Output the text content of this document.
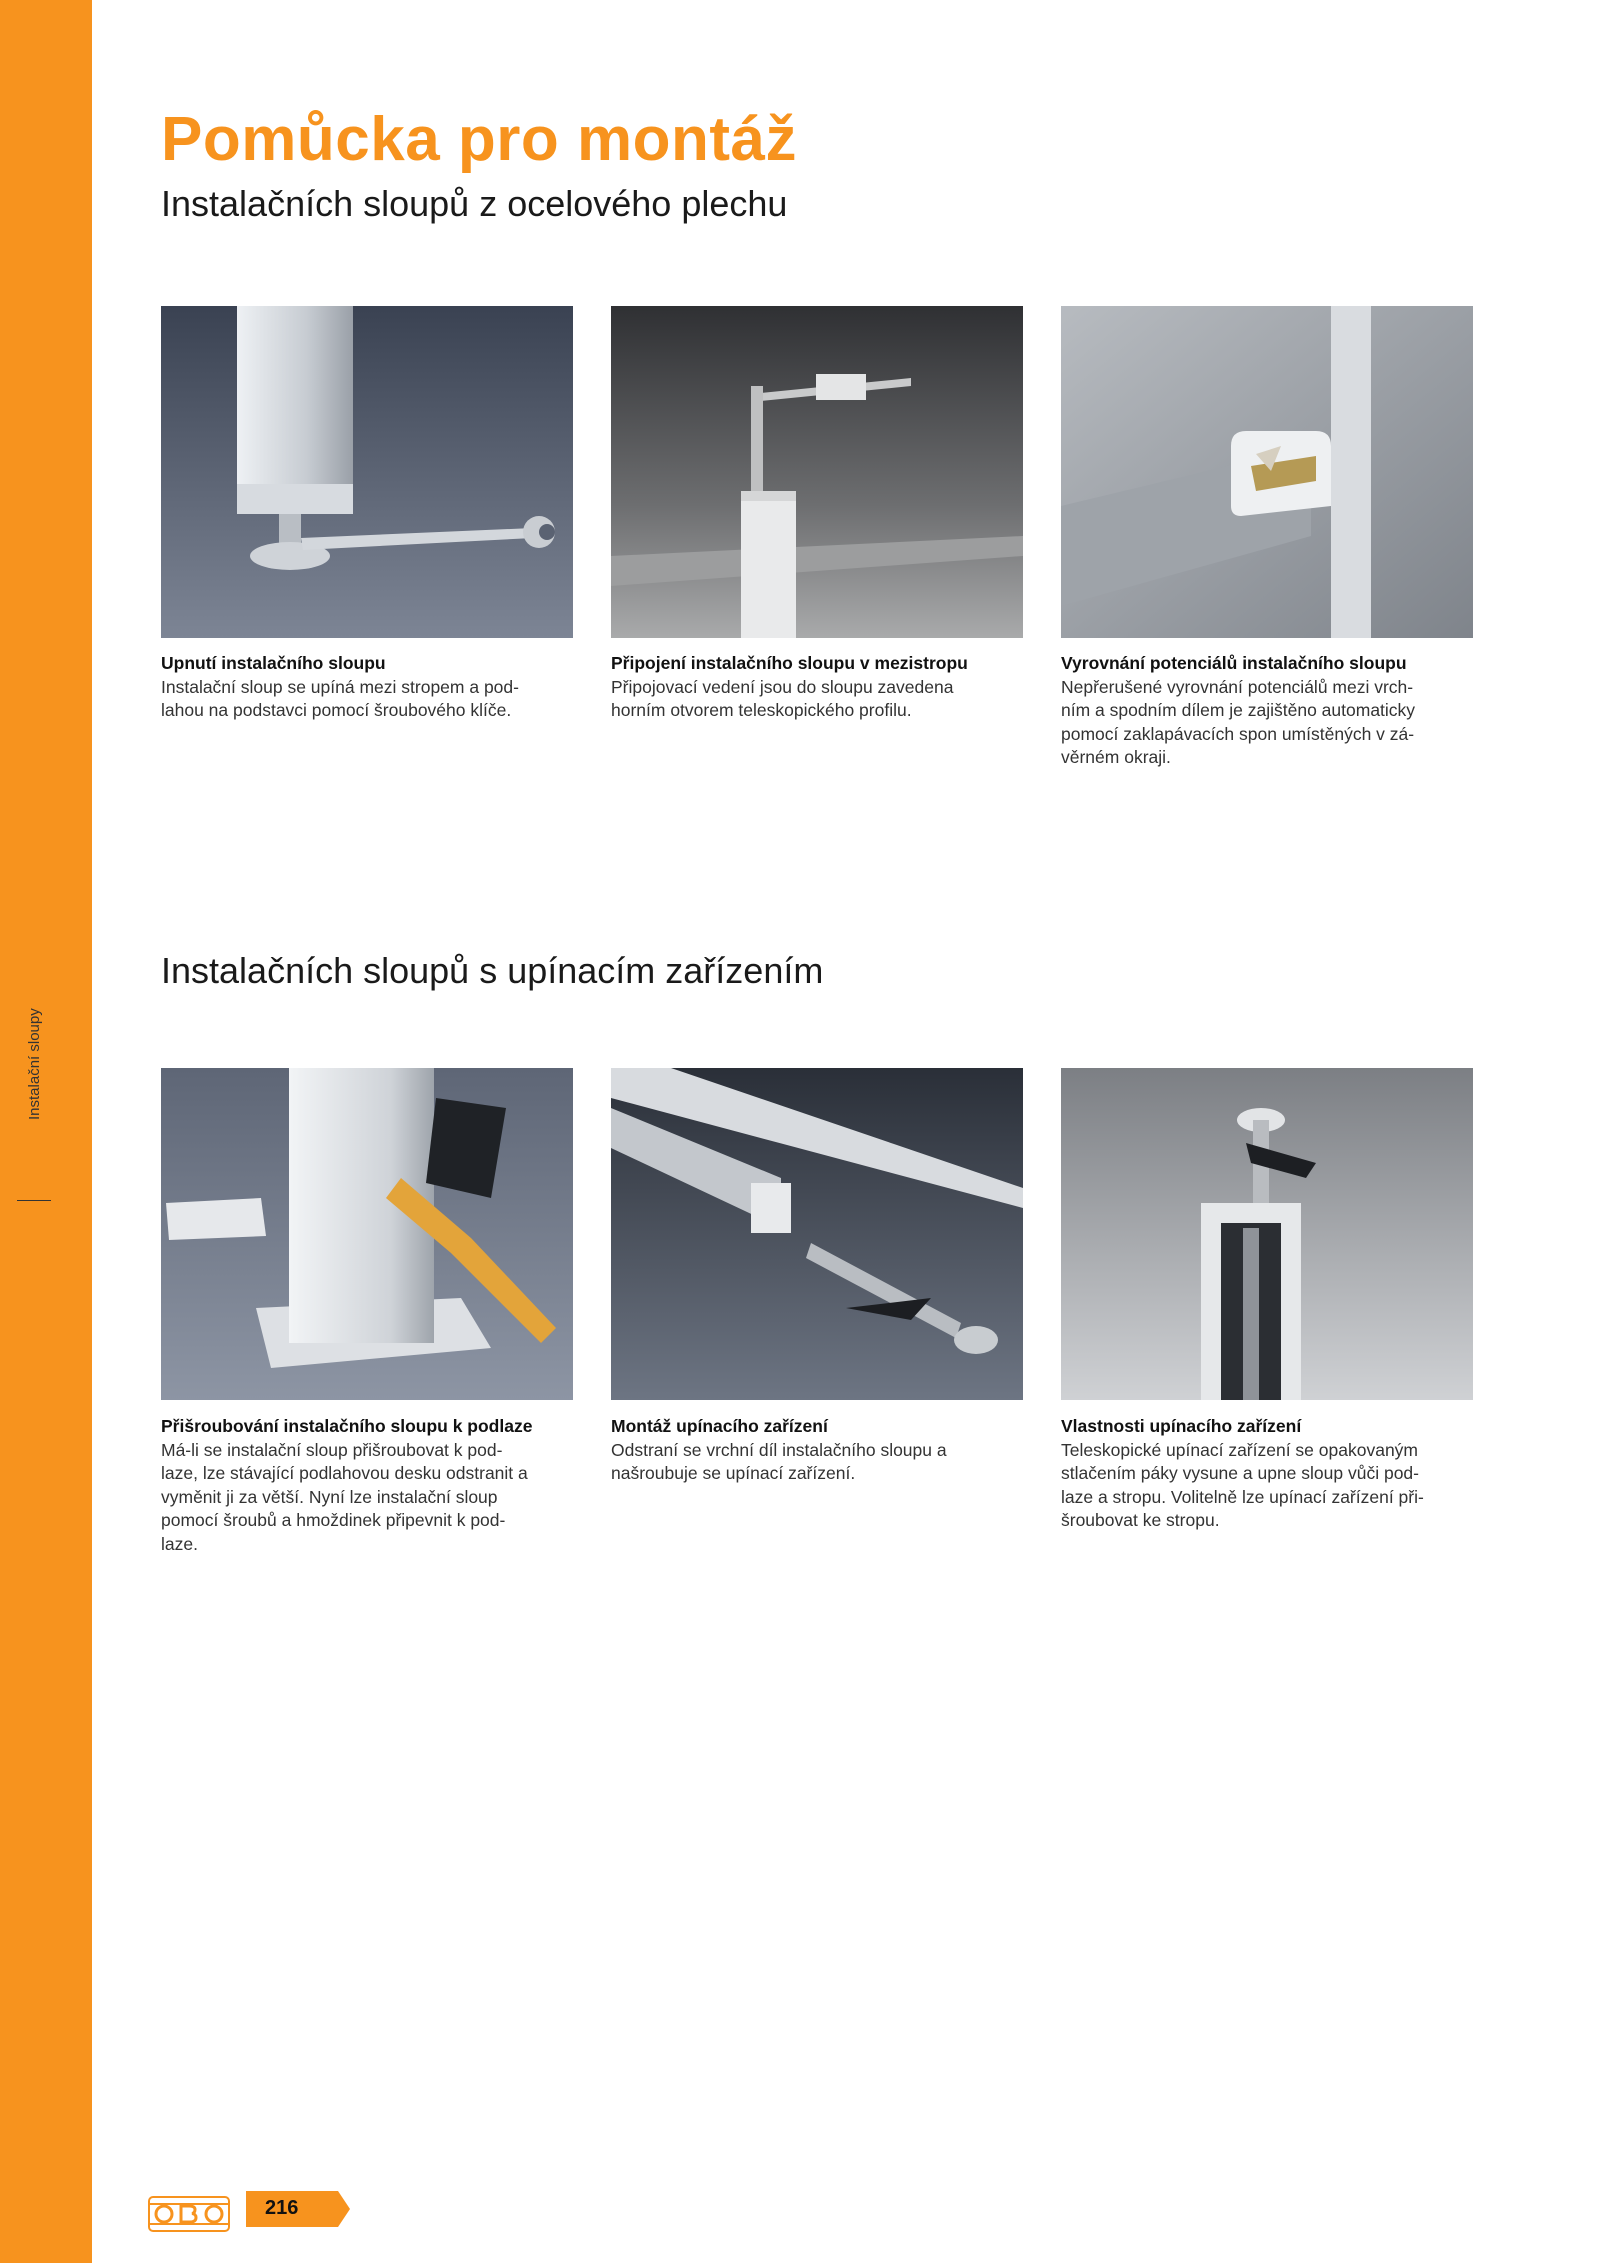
Instalační sloupy
Pomůcka pro montáž
Instalačních sloupů z ocelového plechu
Upnutí instalačního sloupu
Instalační sloup se upíná mezi stropem a pod-
lahou na podstavci pomocí šroubového klíče.
Připojení instalačního sloupu v mezistropu
Připojovací vedení jsou do sloupu zavedena
horním otvorem teleskopického profilu.
Vyrovnání potenciálů instalačního sloupu
Nepřerušené vyrovnání potenciálů mezi vrch-
ním a spodním dílem je zajištěno automaticky
pomocí zaklapávacích spon umístěných v zá-
věrném okraji.
Instalačních sloupů s upínacím zařízením
Přišroubování instalačního sloupu k podlaze
Má-li se instalační sloup přišroubovat k pod-
laze, lze stávající podlahovou desku odstranit a
vyměnit ji za větší. Nyní lze instalační sloup
pomocí šroubů a hmoždinek připevnit k pod-
laze.
Montáž upínacího zařízení
Odstraní se vrchní díl instalačního sloupu a
našroubuje se upínací zařízení.
Vlastnosti upínacího zařízení
Teleskopické upínací zařízení se opakovaným
stlačením páky vysune a upne sloup vůči pod-
laze a stropu. Volitelně lze upínací zařízení při-
šroubovat ke stropu.
216
